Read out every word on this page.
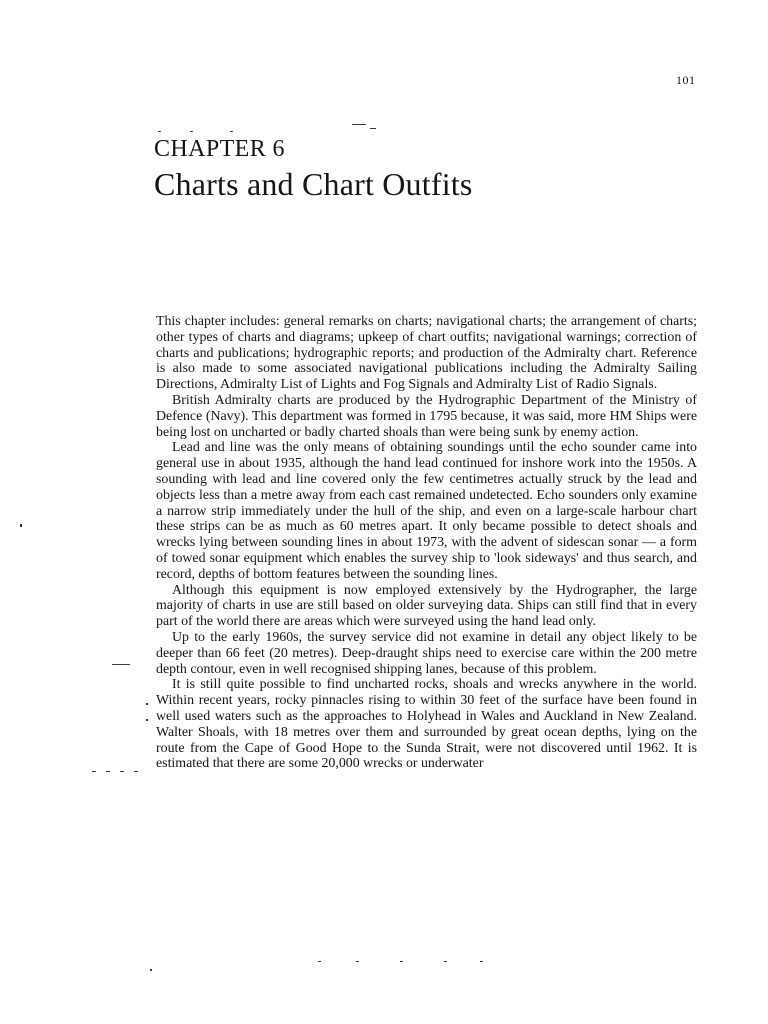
101
CHAPTER 6
Charts and Chart Outfits

This chapter includes: general remarks on charts; navigational charts; the arrangement of charts; other types of charts and diagrams; upkeep of chart outfits; navigational warnings; correction of charts and publications; hydrographic reports; and production of the Admiralty chart. Reference is also made to some associated navigational publications including the Admiralty Sailing Directions, Admiralty List of Lights and Fog Signals and Admiralty List of Radio Signals.

British Admiralty charts are produced by the Hydrographic Department of the Ministry of Defence (Navy). This department was formed in 1795 because, it was said, more HM Ships were being lost on uncharted or badly charted shoals than were being sunk by enemy action.

Lead and line was the only means of obtaining soundings until the echo sounder came into general use in about 1935, although the hand lead continued for inshore work into the 1950s. A sounding with lead and line covered only the few centimetres actually struck by the lead and objects less than a metre away from each cast remained undetected. Echo sounders only examine a narrow strip immediately under the hull of the ship, and even on a large-scale harbour chart these strips can be as much as 60 metres apart. It only became possible to detect shoals and wrecks lying between sounding lines in about 1973, with the advent of sidescan sonar — a form of towed sonar equipment which enables the survey ship to 'look sideways' and thus search, and record, depths of bottom features between the sounding lines.

Although this equipment is now employed extensively by the Hydrographer, the large majority of charts in use are still based on older surveying data. Ships can still find that in every part of the world there are areas which were surveyed using the hand lead only.

Up to the early 1960s, the survey service did not examine in detail any object likely to be deeper than 66 feet (20 metres). Deep-draught ships need to exercise care within the 200 metre depth contour, even in well recognised shipping lanes, because of this problem.

It is still quite possible to find uncharted rocks, shoals and wrecks anywhere in the world. Within recent years, rocky pinnacles rising to within 30 feet of the surface have been found in well used waters such as the approaches to Holyhead in Wales and Auckland in New Zealand. Walter Shoals, with 18 metres over them and surrounded by great ocean depths, lying on the route from the Cape of Good Hope to the Sunda Strait, were not discovered until 1962. It is estimated that there are some 20,000 wrecks or underwater
